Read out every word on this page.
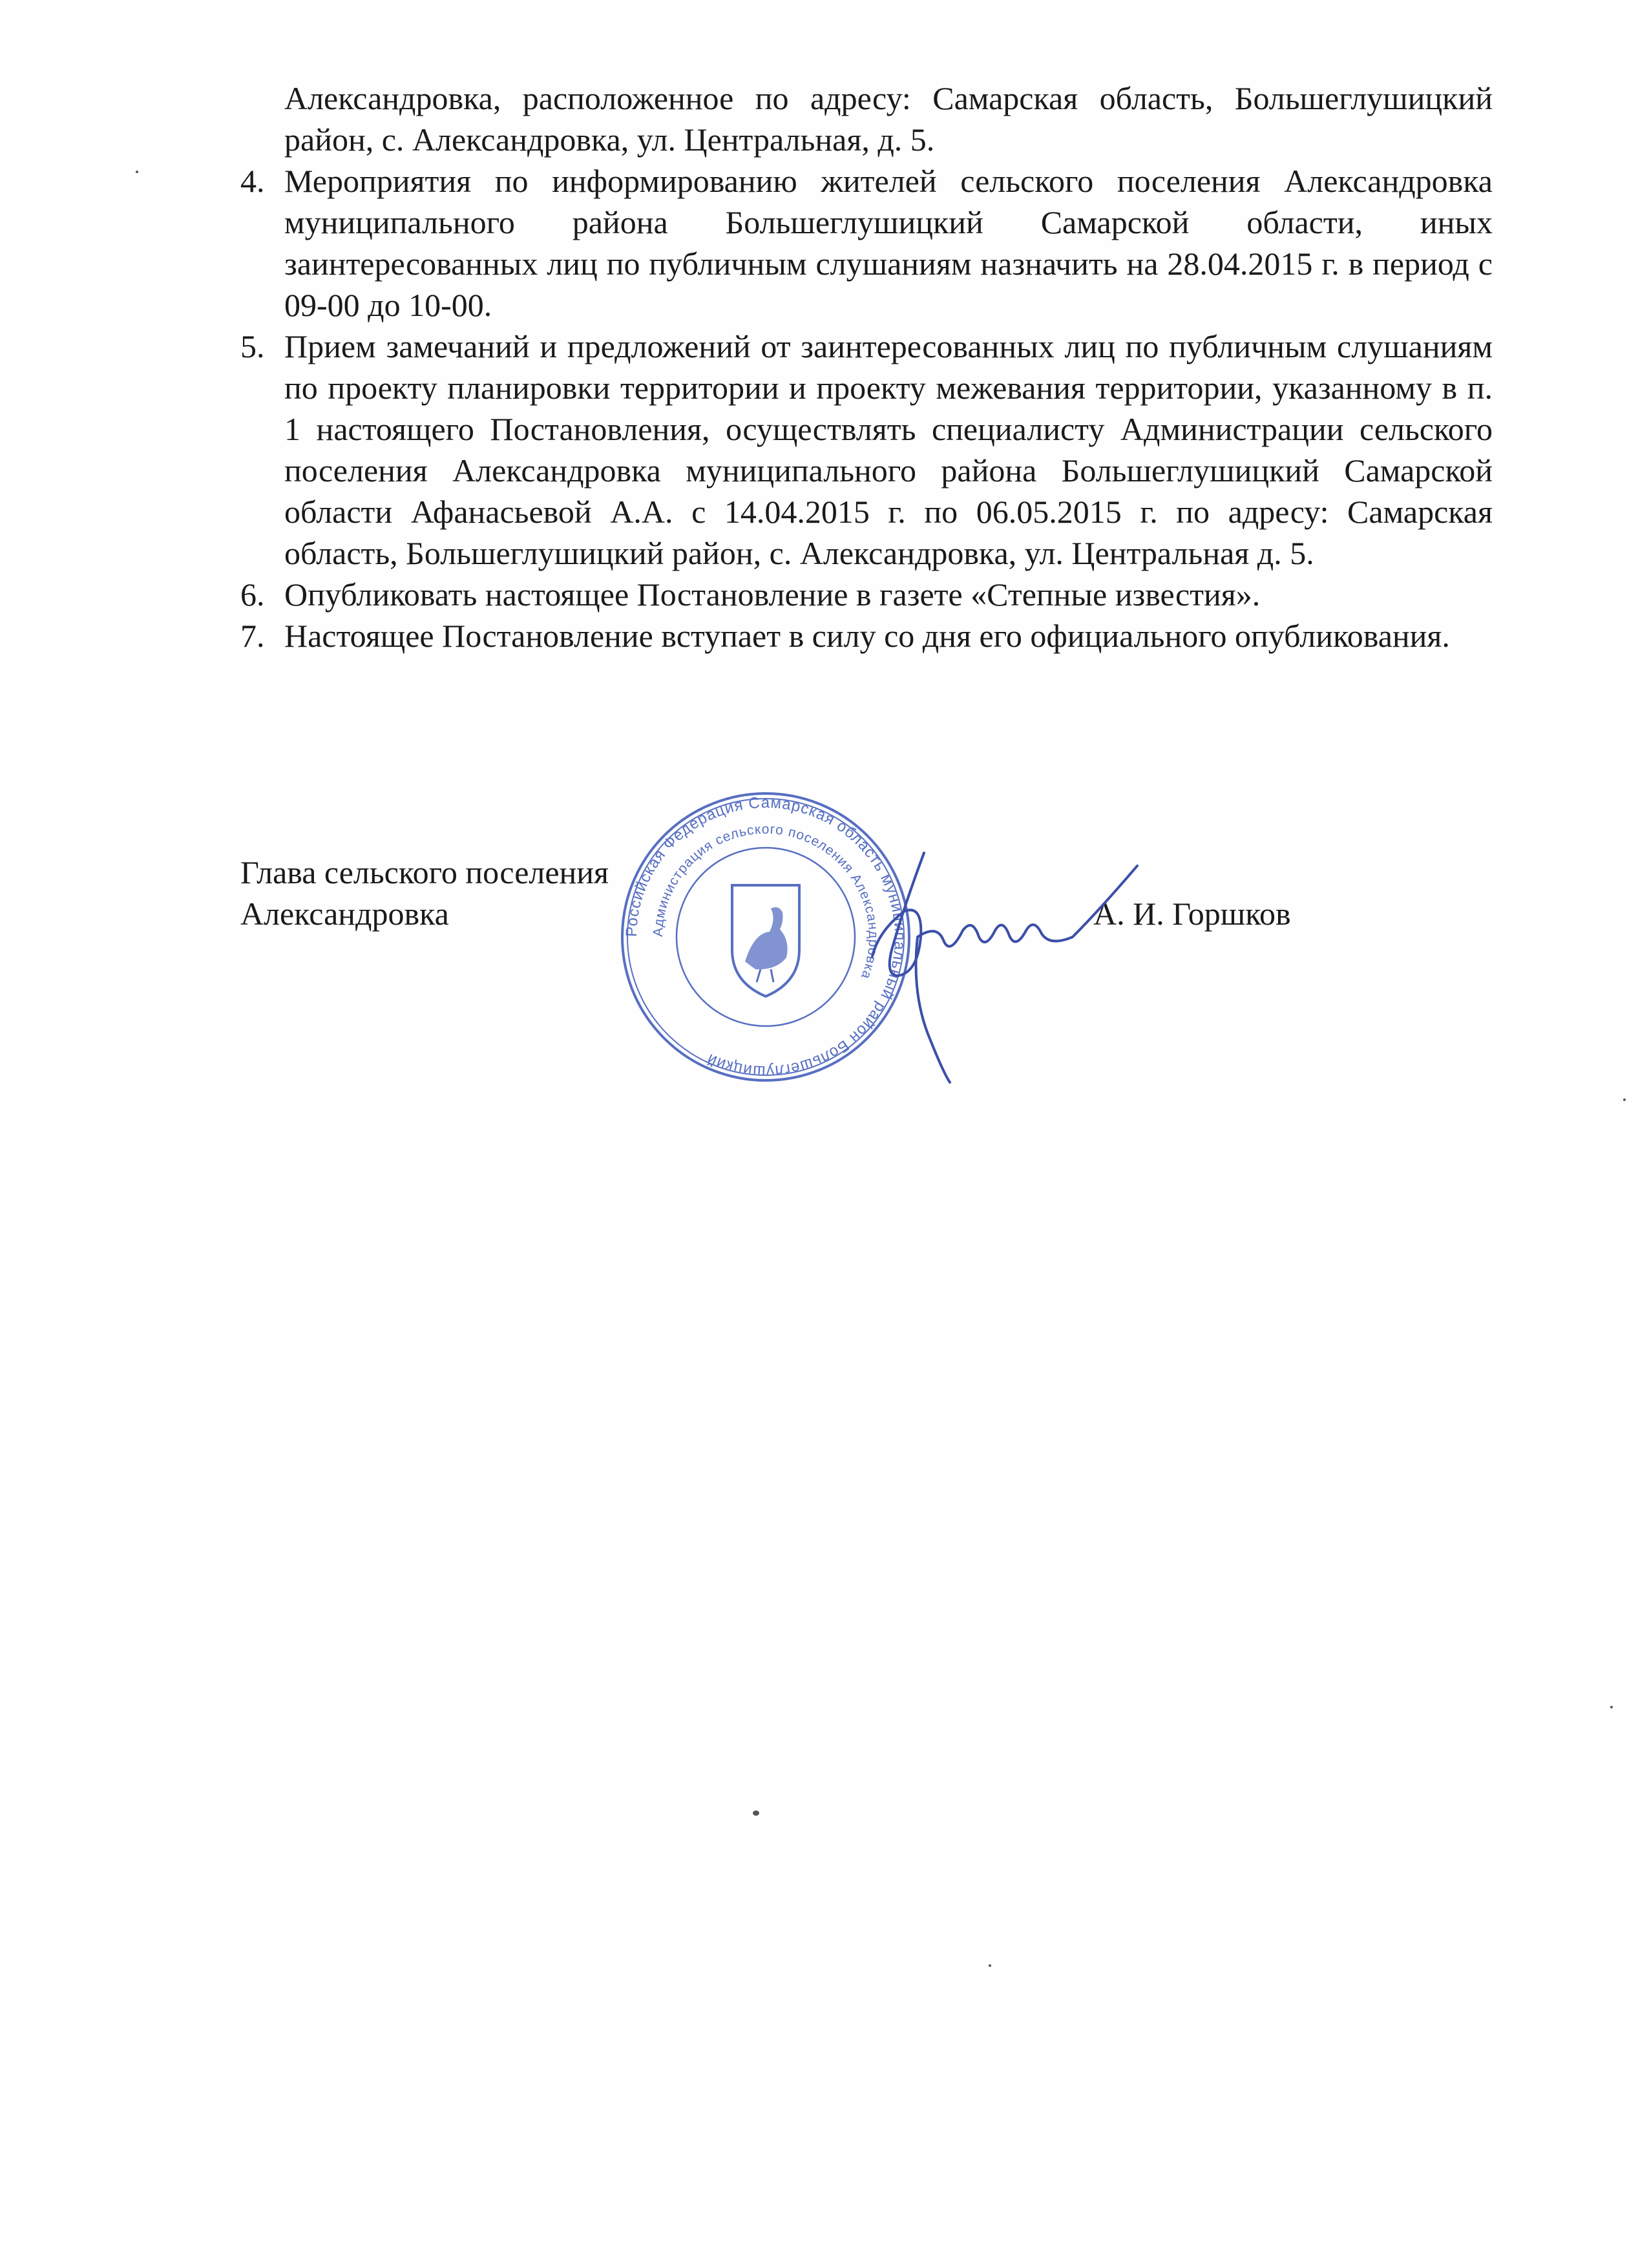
Александровка, расположенное по адресу: Самарская область, Большеглушицкий район, с. Александровка, ул. Центральная, д. 5.

4. Мероприятия по информированию жителей сельского поселения Александровка муниципального района Большеглушицкий Самарской области, иных заинтересованных лиц по публичным слушаниям назначить на 28.04.2015 г. в период с 09-00 до 10-00.
5. Прием замечаний и предложений от заинтересованных лиц по публичным слушаниям по проекту планировки территории и проекту межевания территории, указанному в п. 1 настоящего Постановления, осуществлять специалисту Администрации сельского поселения Александровка муниципального района Большеглушицкий Самарской области Афанасьевой А.А. с 14.04.2015 г. по 06.05.2015 г. по адресу: Самарская область, Большеглушицкий район, с. Александровка, ул. Центральная д. 5.
6. Опубликовать настоящее Постановление в газете «Степные известия».
7. Настоящее Постановление вступает в силу со дня его официального опубликования.
Российская Федерация Самарская область муниципальный район Большеглушицкий
Администрация сельского поселения Александровка
Глава сельского поселения
Александровка	А. И. Горшков
